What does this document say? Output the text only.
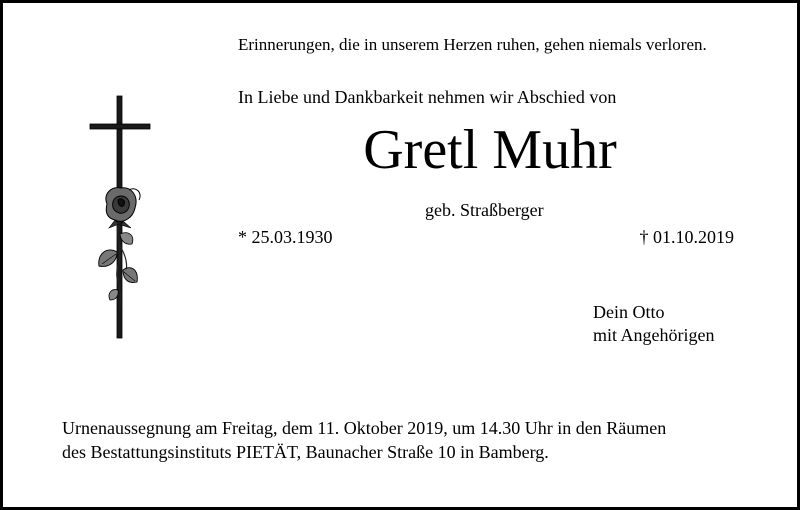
Erinnerungen, die in unserem Herzen ruhen, gehen niemals verloren.
In Liebe und Dankbarkeit nehmen wir Abschied von
Gretl Muhr
geb. Straßberger
* 25.03.1930	† 01.10.2019
Dein Otto
mit Angehörigen
Urnenaussegnung am Freitag, dem 11. Oktober 2019, um 14.30 Uhr in den Räumen
des Bestattungsinstituts PIETÄT, Baunacher Straße 10 in Bamberg.
